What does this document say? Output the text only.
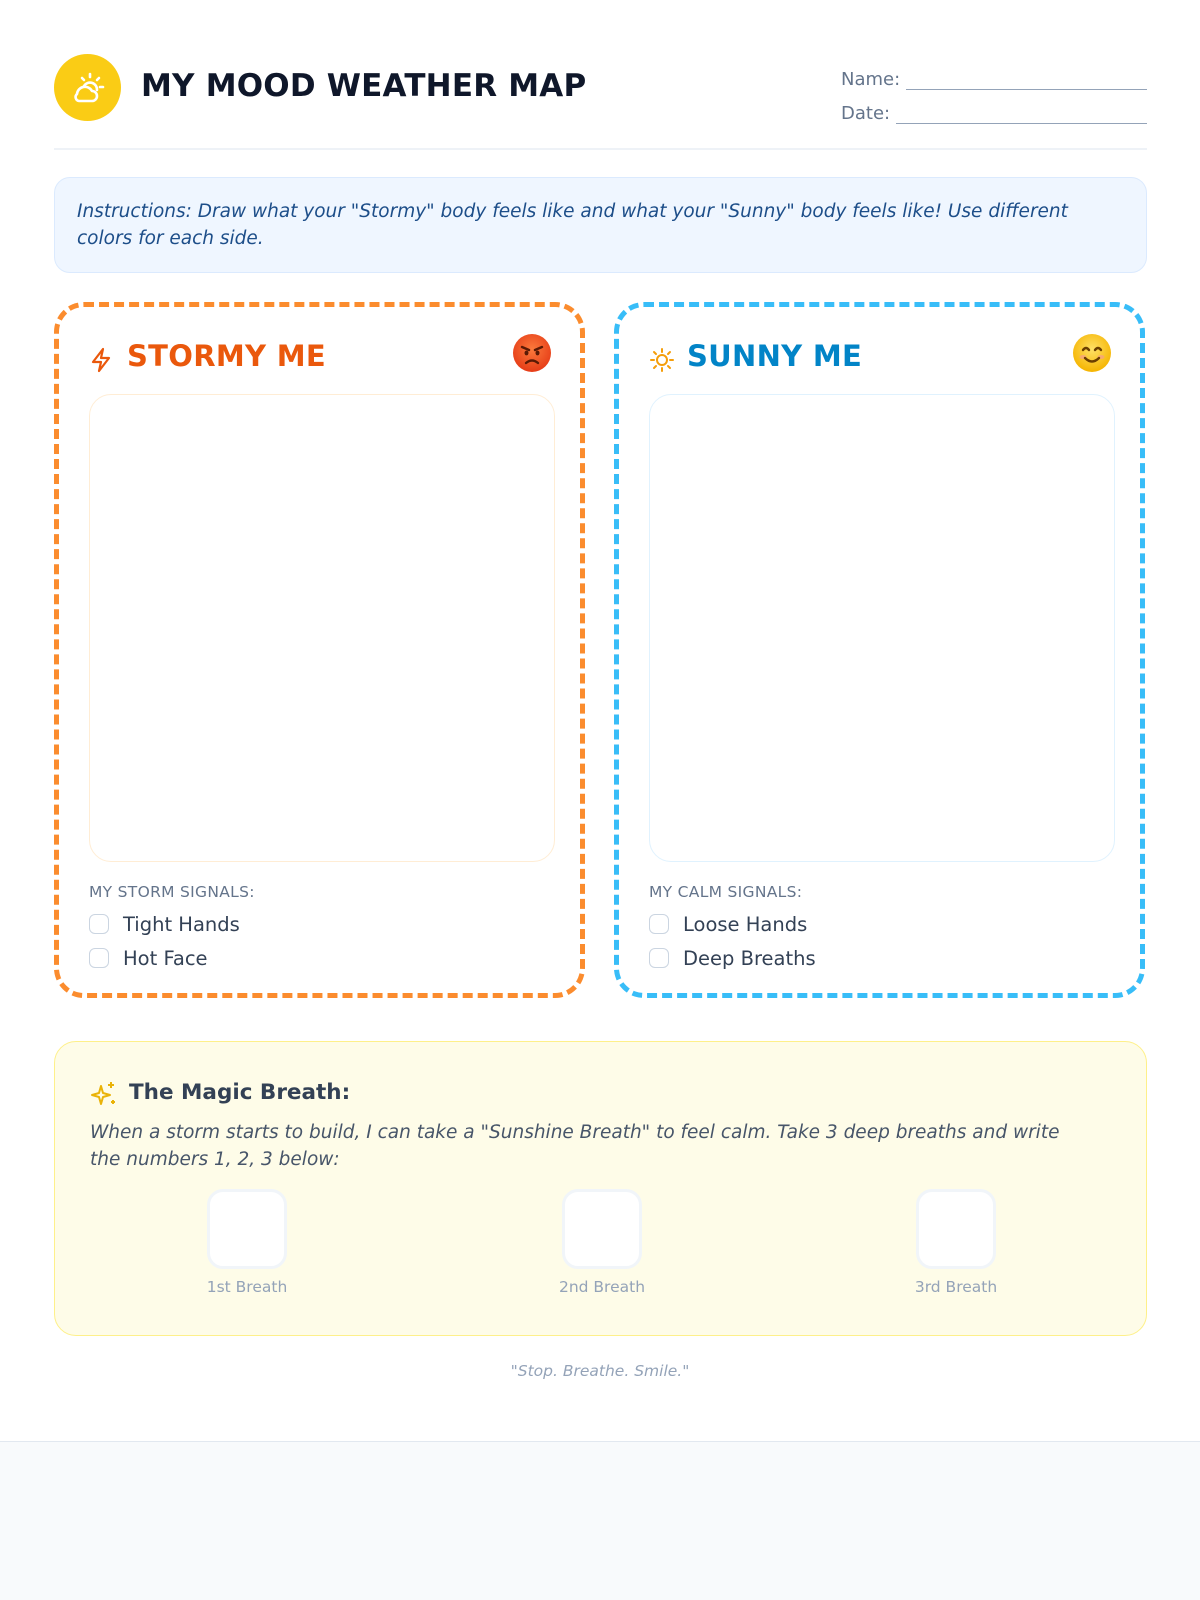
MY MOOD WEATHER MAP	Name:
Date:
Instructions: Draw what your "Stormy" body feels like and what your "Sunny" body feels like! Use different colors for each side.
STORMY ME
MY STORM SIGNALS:
Tight Hands
Hot Face
SUNNY ME
MY CALM SIGNALS:
Loose Hands
Deep Breaths
The Magic Breath:
When a storm starts to build, I can take a "Sunshine Breath" to feel calm. Take 3 deep breaths and write the numbers 1, 2, 3 below:
1st Breath	2nd Breath	3rd Breath
"Stop. Breathe. Smile."
